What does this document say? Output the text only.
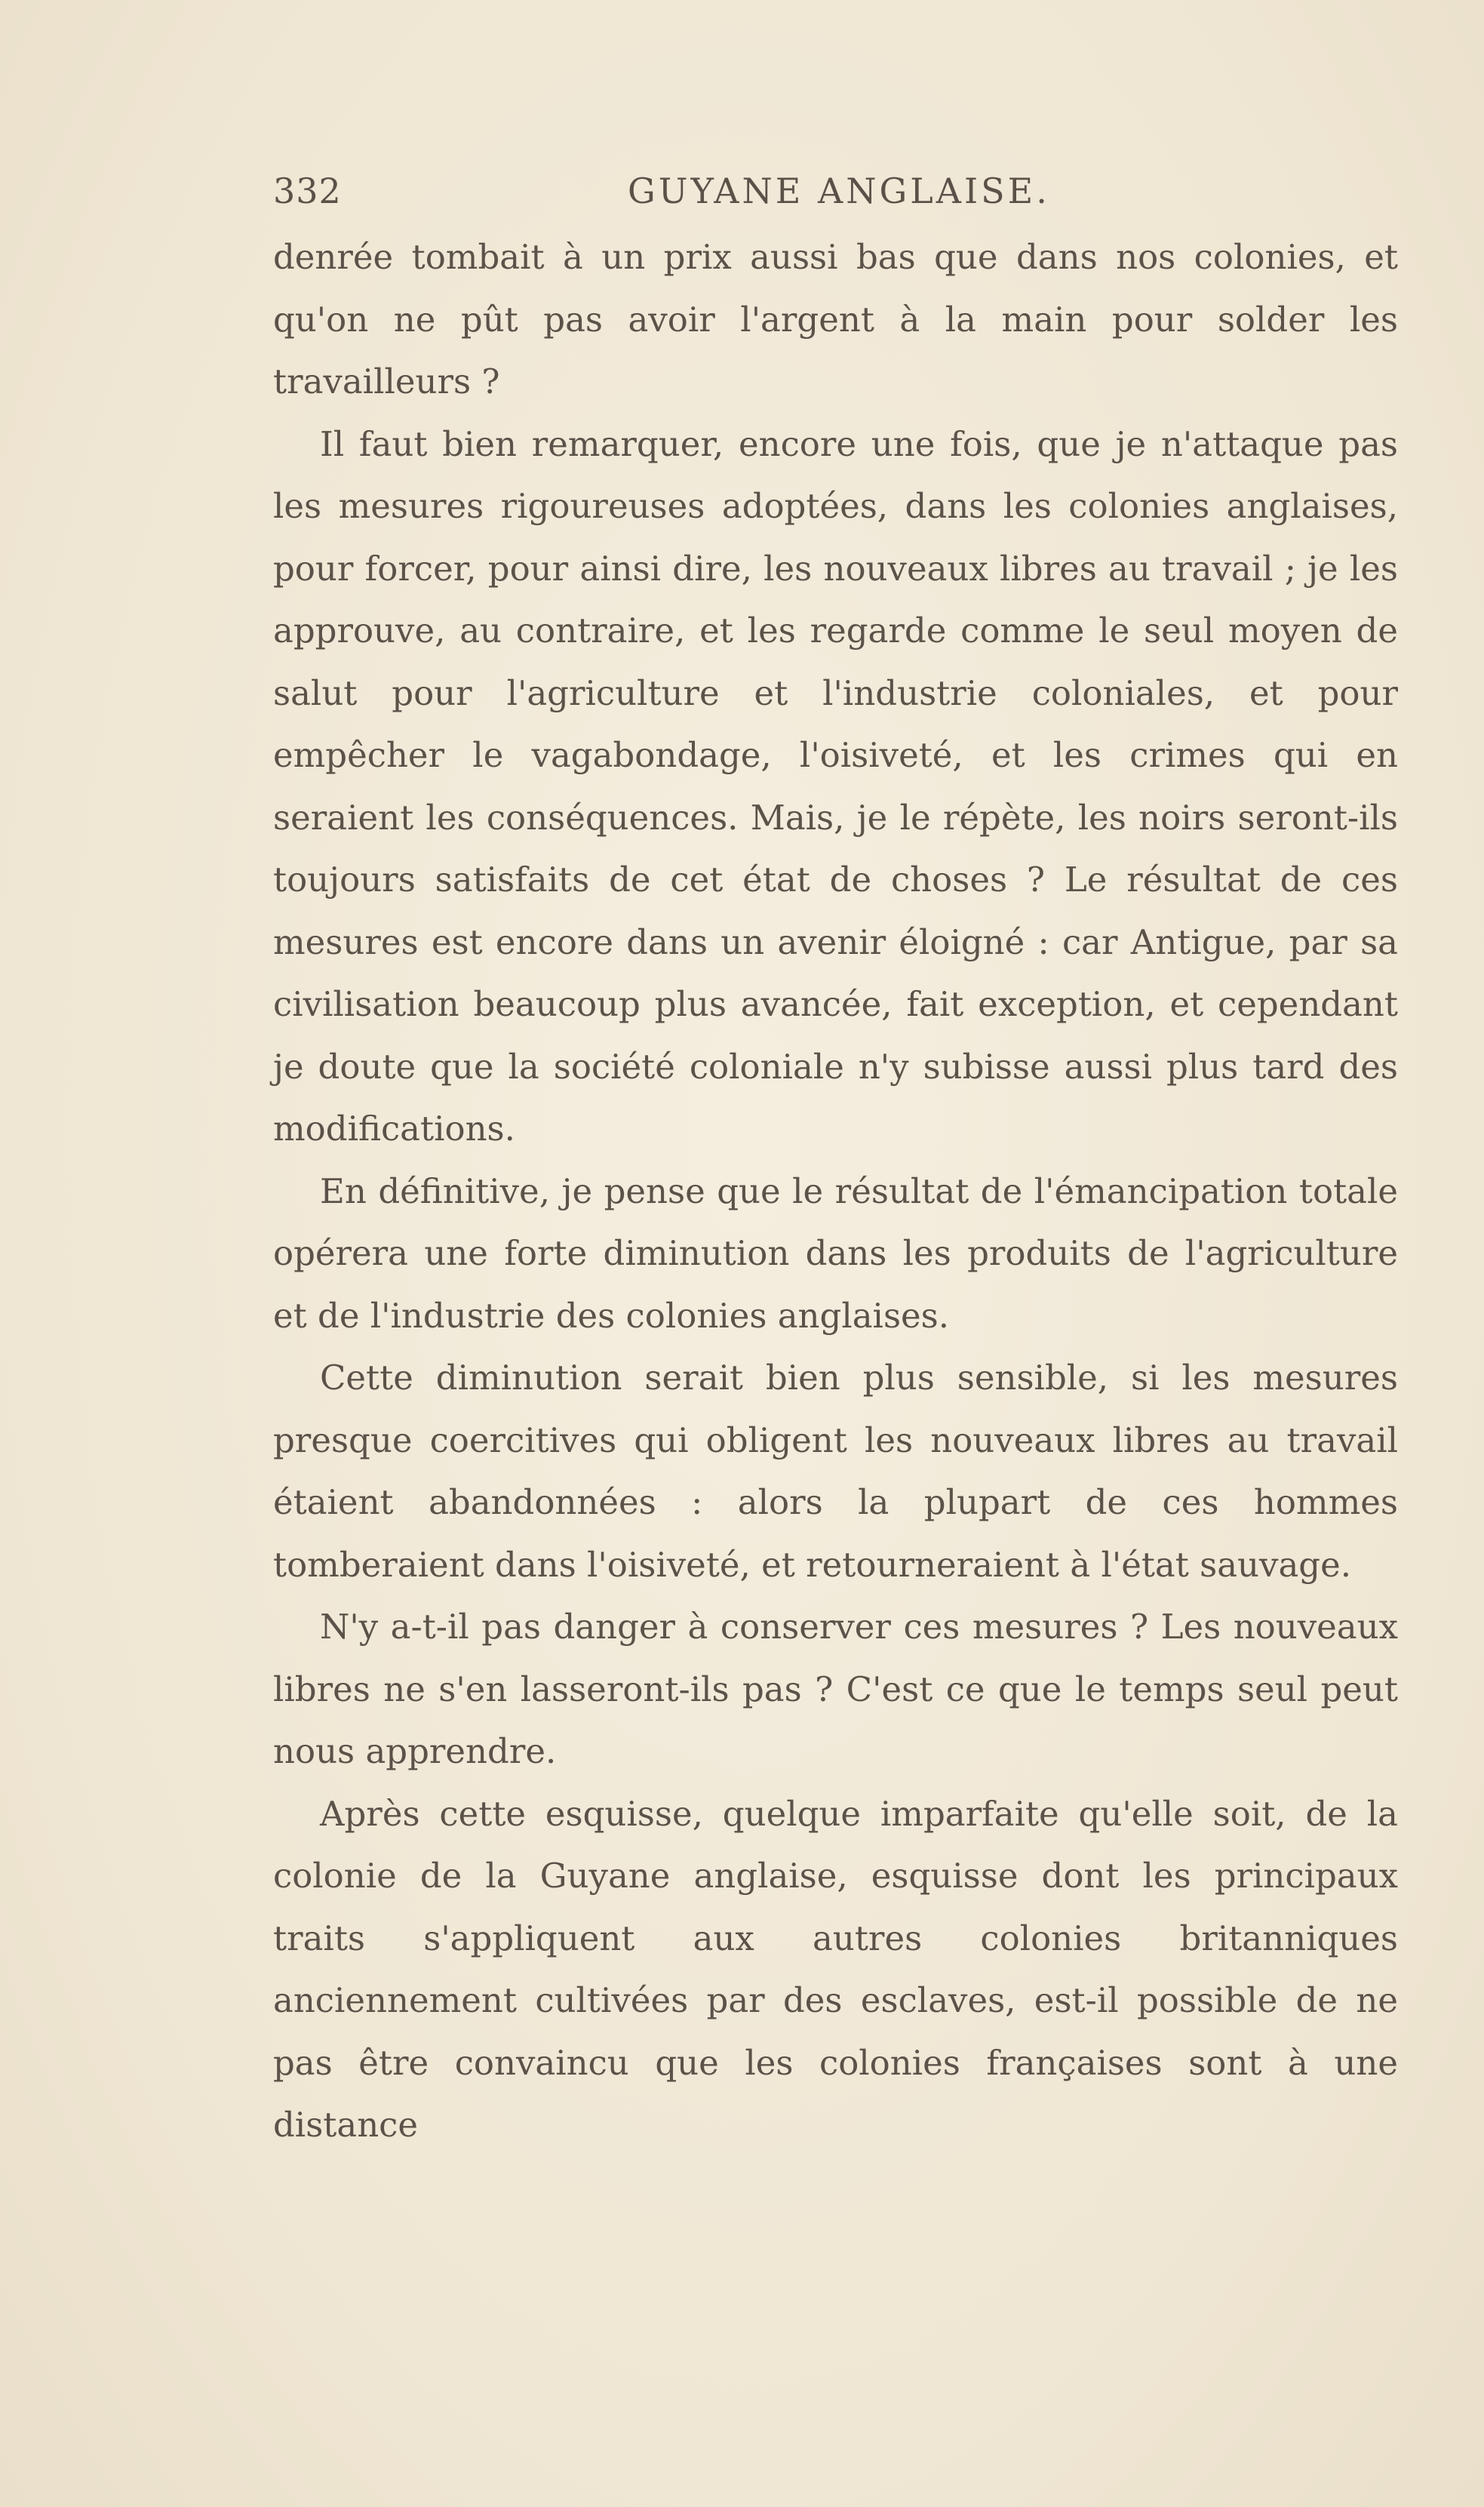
332	GUYANE ANGLAISE.

denrée tombait à un prix aussi bas que dans nos colonies, et qu'on ne pût pas avoir l'argent à la main pour solder les travailleurs ?

Il faut bien remarquer, encore une fois, que je n'attaque pas les mesures rigoureuses adoptées, dans les colonies anglaises, pour forcer, pour ainsi dire, les nouveaux libres au travail ; je les approuve, au contraire, et les regarde comme le seul moyen de salut pour l'agriculture et l'industrie coloniales, et pour empêcher le vagabondage, l'oisiveté, et les crimes qui en seraient les conséquences. Mais, je le répète, les noirs seront-ils toujours satisfaits de cet état de choses ? Le résultat de ces mesures est encore dans un avenir éloigné : car Antigue, par sa civilisation beaucoup plus avancée, fait exception, et cependant je doute que la société coloniale n'y subisse aussi plus tard des modifications.

En définitive, je pense que le résultat de l'émancipation totale opérera une forte diminution dans les produits de l'agriculture et de l'industrie des colonies anglaises.

Cette diminution serait bien plus sensible, si les mesures presque coercitives qui obligent les nouveaux libres au travail étaient abandonnées : alors la plupart de ces hommes tomberaient dans l'oisiveté, et retourneraient à l'état sauvage.

N'y a-t-il pas danger à conserver ces mesures ? Les nouveaux libres ne s'en lasseront-ils pas ? C'est ce que le temps seul peut nous apprendre.

Après cette esquisse, quelque imparfaite qu'elle soit, de la colonie de la Guyane anglaise, esquisse dont les principaux traits s'appliquent aux autres colonies britanniques anciennement cultivées par des esclaves, est-il possible de ne pas être convaincu que les colonies françaises sont à une distance
